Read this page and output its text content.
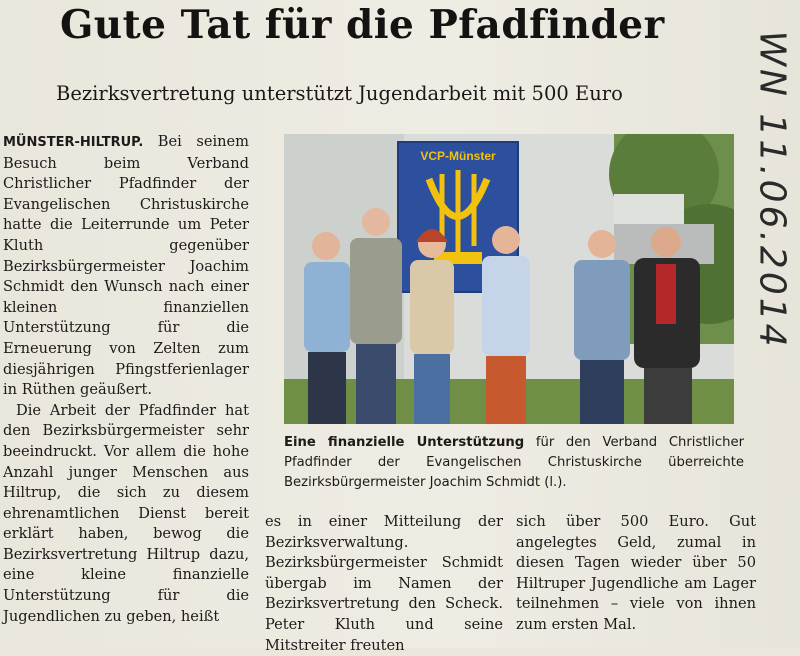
Gute Tat für die Pfadfinder
Bezirksvertretung unterstützt Jugendarbeit mit 500 Euro	WN 11.06.2014

MÜNSTER-HILTRUP. Bei seinem Besuch beim Verband Christlicher Pfadfinder der Evangelischen Christuskirche hatte die Leiterrunde um Peter Kluth gegenüber Bezirksbürgermeister Joachim Schmidt den Wunsch nach einer kleinen finanziellen Unterstützung für die Erneuerung von Zelten zum diesjährigen Pfingstferienlager in Rüthen geäußert.

Die Arbeit der Pfadfinder hat den Bezirksbürgermeister sehr beeindruckt. Vor allem die hohe Anzahl junger Menschen aus Hiltrup, die sich zu diesem ehrenamtlichen Dienst bereit erklärt haben, bewog die Bezirksvertretung Hiltrup dazu, eine kleine finanzielle Unterstützung für die Jugendlichen zu geben, heißt

VCP-Münster
Eine finanzielle Unterstützung für den Verband Christlicher Pfadfinder der Evangelischen Christuskirche überreichte Bezirksbürgermeister Joachim Schmidt (l.).

es in einer Mitteilung der Bezirksverwaltung. Bezirksbürgermeister Schmidt übergab im Namen der Bezirksvertretung den Scheck. Peter Kluth und seine Mitstreiter freuten

sich über 500 Euro. Gut angelegtes Geld, zumal in diesen Tagen wieder über 50 Hiltruper Jugendliche am Lager teilnehmen – viele von ihnen zum ersten Mal.
